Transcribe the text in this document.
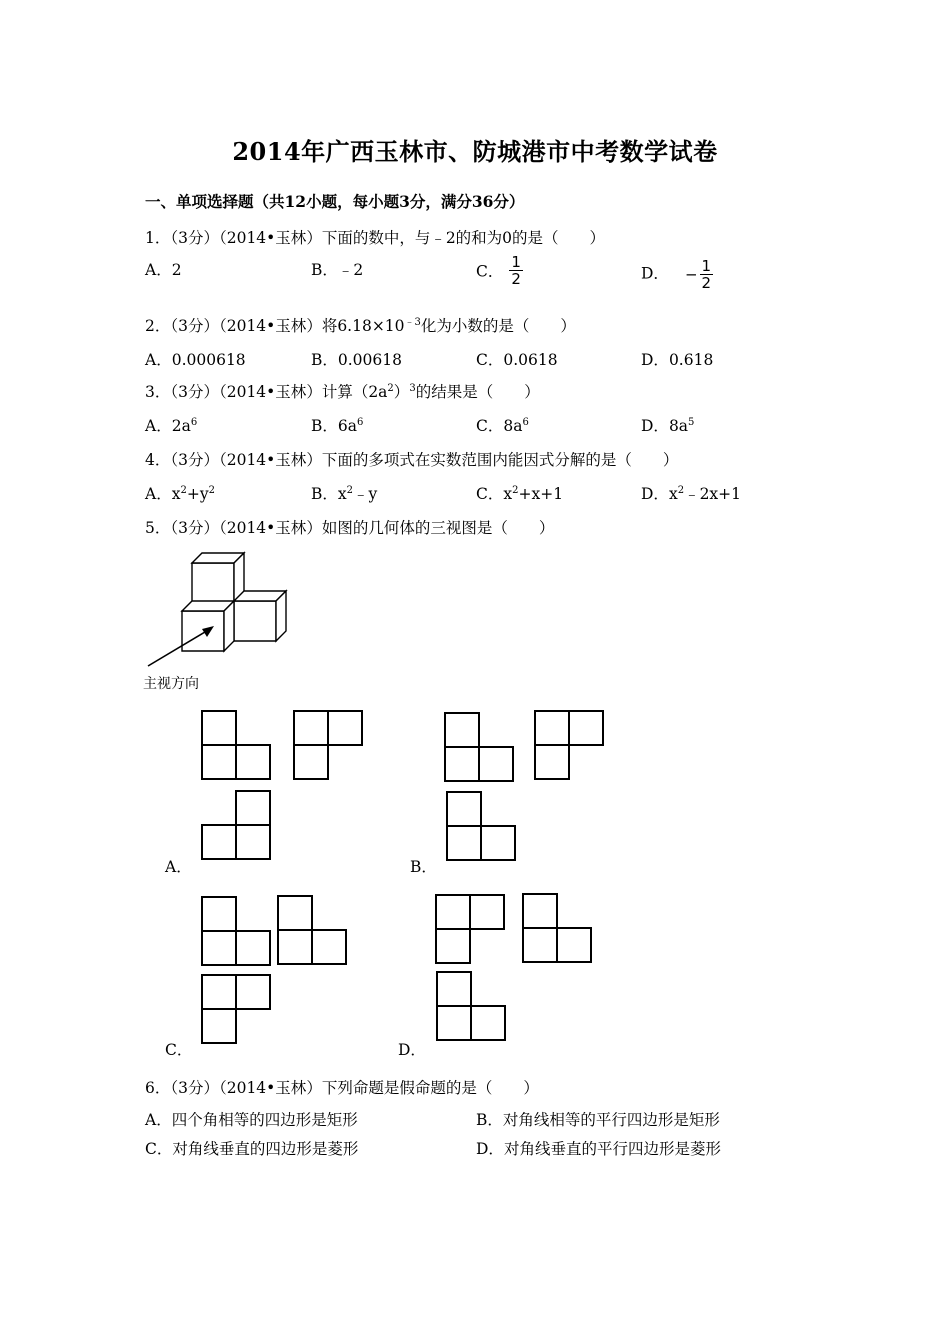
2014年广西玉林市、防城港市中考数学试卷
一、单项选择题（共12小题，每小题3分，满分36分）
1．（3分）（2014•玉林）下面的数中，与﹣2的和为0的是（　　）
A．2	B．﹣2	C． $\frac{1}{2}$	D． − $\frac{1}{2}$
2．（3分）（2014•玉林）将$6.18\times 10^{﹣3}$化为小数的是（　　）
A．0.000618	B．0.00618	C．0.0618	D．0.618
3．（3分）（2014•玉林）计算$(2a^2)^3$的结果是（　　）
A．$2a^6$	B．$6a^6$	C．$8a^6$	D．$8a^5$
4．（3分）（2014•玉林）下面的多项式在实数范围内能因式分解的是（　　）
A．$x^2+y^2$	B．$x^2﹣y$	C．$x^2+x+1$	D．$x^2﹣2x+1$
5．（3分）（2014•玉林）如图的几何体的三视图是（　　）
主视方向
A．	B．
C．	D．
6．（3分）（2014•玉林）下列命题是假命题的是（　　）
A．四个角相等的四边形是矩形	B．对角线相等的平行四边形是矩形
C．对角线垂直的四边形是菱形	D．对角线垂直的平行四边形是菱形
